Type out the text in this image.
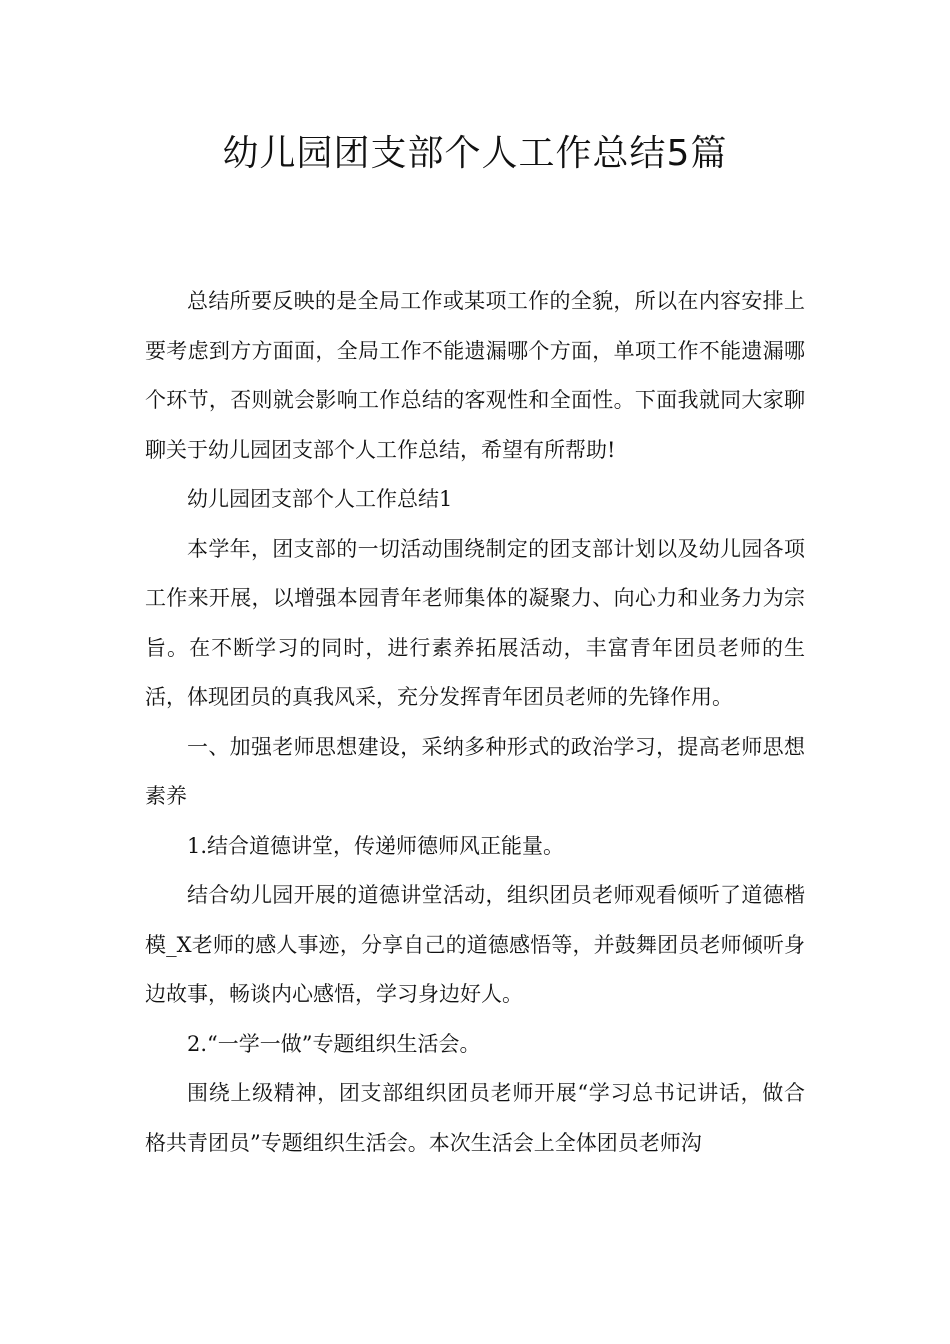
幼儿园团支部个人工作总结5篇

总结所要反映的是全局工作或某项工作的全貌，所以在内容安排上要考虑到方方面面，全局工作不能遗漏哪个方面，单项工作不能遗漏哪个环节，否则就会影响工作总结的客观性和全面性。下面我就同大家聊聊关于幼儿园团支部个人工作总结，希望有所帮助!

幼儿园团支部个人工作总结1

本学年，团支部的一切活动围绕制定的团支部计划以及幼儿园各项工作来开展，以增强本园青年老师集体的凝聚力、向心力和业务力为宗旨。在不断学习的同时，进行素养拓展活动，丰富青年团员老师的生活，体现团员的真我风采，充分发挥青年团员老师的先锋作用。

一、加强老师思想建设，采纳多种形式的政治学习，提高老师思想素养

1.结合道德讲堂，传递师德师风正能量。

结合幼儿园开展的道德讲堂活动，组织团员老师观看倾听了道德楷模_X老师的感人事迹，分享自己的道德感悟等，并鼓舞团员老师倾听身边故事，畅谈内心感悟，学习身边好人。

2.“一学一做”专题组织生活会。

围绕上级精神，团支部组织团员老师开展“学习总书记讲话，做合格共青团员”专题组织生活会。本次生活会上全体团员老师沟
